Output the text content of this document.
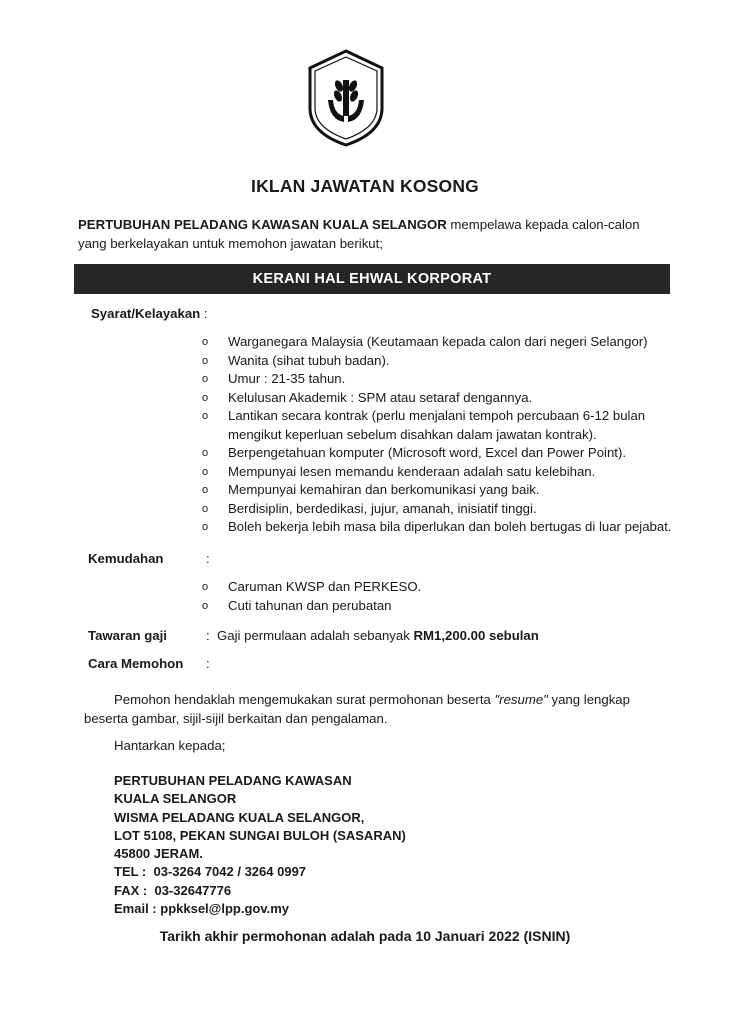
IKLAN JAWATAN KOSONG
PERTUBUHAN PELADANG KAWASAN KUALA SELANGOR mempelawa kepada calon-calon yang berkelayakan untuk memohon jawatan berikut;
KERANI HAL EHWAL KORPORAT
Syarat/Kelayakan :
o Warganegara Malaysia (Keutamaan kepada calon dari negeri Selangor)
o Wanita (sihat tubuh badan).
o Umur : 21-35 tahun.
o Kelulusan Akademik : SPM atau setaraf dengannya.
o Lantikan secara kontrak (perlu menjalani tempoh percubaan 6-12 bulan mengikut keperluan sebelum disahkan dalam jawatan kontrak).
o Berpengetahuan komputer (Microsoft word, Excel dan Power Point).
o Mempunyai lesen memandu kenderaan adalah satu kelebihan.
o Mempunyai kemahiran dan berkomunikasi yang baik.
o Berdisiplin, berdedikasi, jujur, amanah, inisiatif tinggi.
o Boleh bekerja lebih masa bila diperlukan dan boleh bertugas di luar pejabat.
Kemudahan	:
o Caruman KWSP dan PERKESO.
o Cuti tahunan dan perubatan
Tawaran gaji	: Gaji permulaan adalah sebanyak RM1,200.00 sebulan
Cara Memohon :
Pemohon hendaklah mengemukakan surat permohonan beserta "resume" yang lengkap beserta gambar, sijil-sijil berkaitan dan pengalaman.
Hantarkan kepada;
PERTUBUHAN PELADANG KAWASAN
KUALA SELANGOR
WISMA PELADANG KUALA SELANGOR,
LOT 5108, PEKAN SUNGAI BULOH (SASARAN)
45800 JERAM.
TEL : 03-3264 7042 / 3264 0997
FAX : 03-32647776
Email : ppkksel@lpp.gov.my
Tarikh akhir permohonan adalah pada 10 Januari 2022 (ISNIN)
